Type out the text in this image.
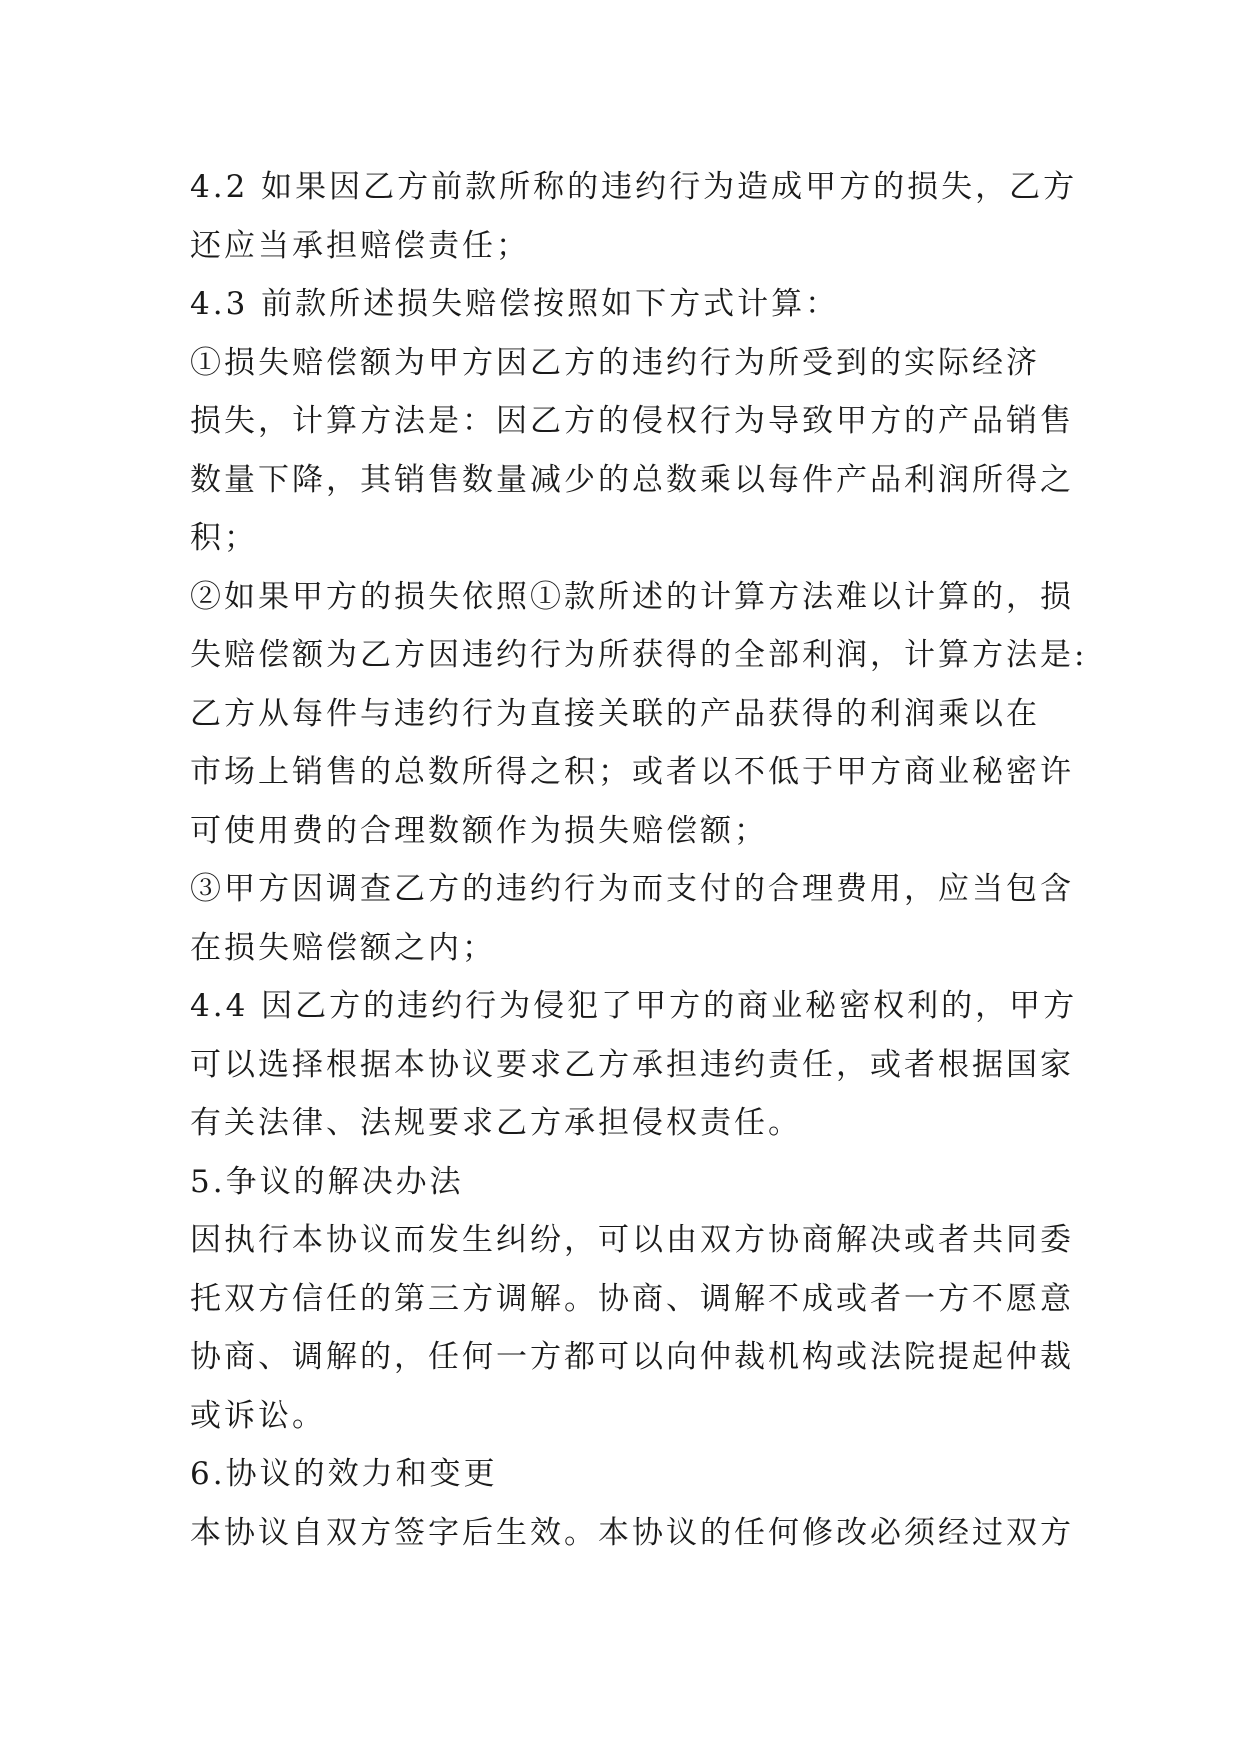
4.2 如果因乙方前款所称的违约行为造成甲方的损失，乙方
还应当承担赔偿责任；
4.3 前款所述损失赔偿按照如下方式计算：
①损失赔偿额为甲方因乙方的违约行为所受到的实际经济
损失，计算方法是：因乙方的侵权行为导致甲方的产品销售
数量下降，其销售数量减少的总数乘以每件产品利润所得之
积；
②如果甲方的损失依照①款所述的计算方法难以计算的，损
失赔偿额为乙方因违约行为所获得的全部利润，计算方法是:
乙方从每件与违约行为直接关联的产品获得的利润乘以在
市场上销售的总数所得之积；或者以不低于甲方商业秘密许
可使用费的合理数额作为损失赔偿额；
③甲方因调查乙方的违约行为而支付的合理费用，应当包含
在损失赔偿额之内；
4.4 因乙方的违约行为侵犯了甲方的商业秘密权利的，甲方
可以选择根据本协议要求乙方承担违约责任，或者根据国家
有关法律、法规要求乙方承担侵权责任。
5.争议的解决办法
因执行本协议而发生纠纷，可以由双方协商解决或者共同委
托双方信任的第三方调解。协商、调解不成或者一方不愿意
协商、调解的，任何一方都可以向仲裁机构或法院提起仲裁
或诉讼。
6.协议的效力和变更
本协议自双方签字后生效。本协议的任何修改必须经过双方
